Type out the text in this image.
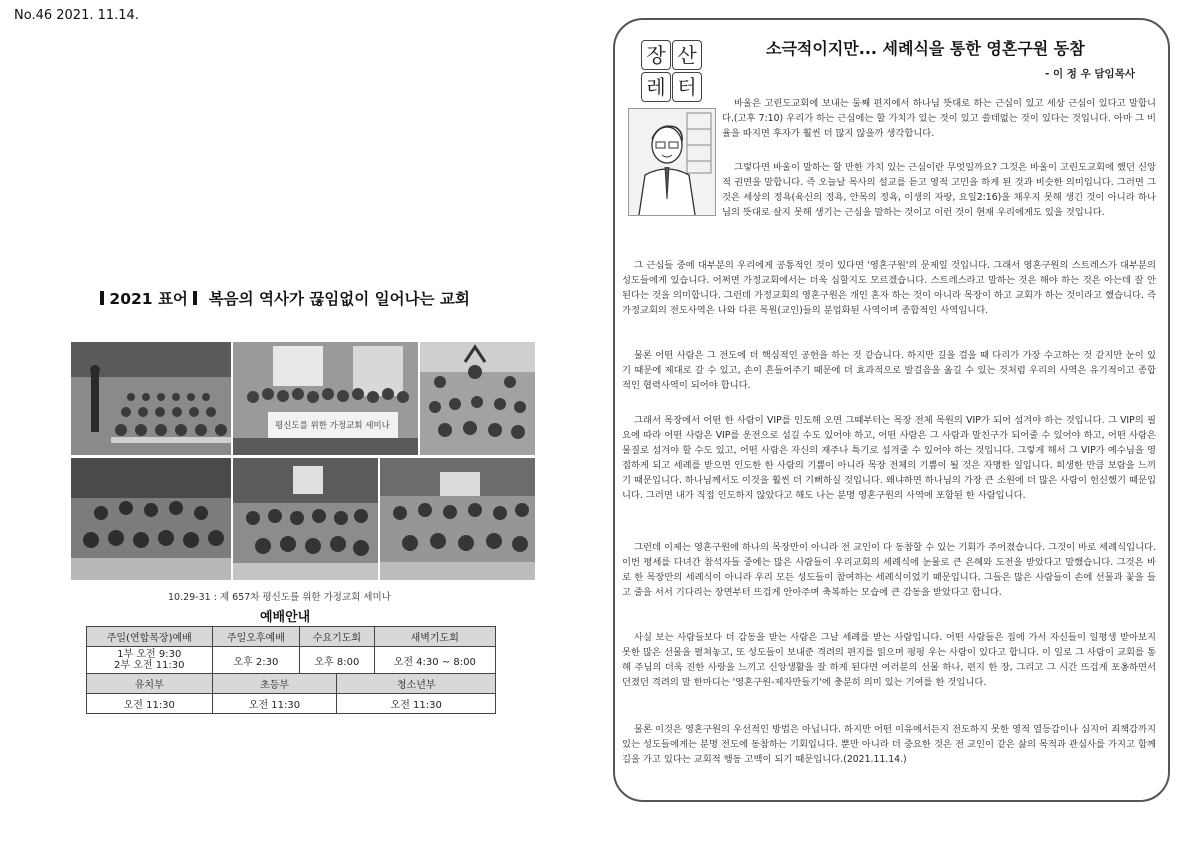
No.46 2021. 11.14.
2021 표어 복음의 역사가 끊임없이 일어나는 교회
평신도를 위한 가정교회 세미나
10.29-31 : 제 657차 평신도를 위한 가정교회 세미나
예배안내
주일(연합목장)예배	주일오후예배	수요기도회		새벽기도회

1부 오전 9:30
2부 오전 11:30	오후 2:30	오후 8:00		오전 4:30 ~ 8:00
유치부	초등부		청소년부	
오전 11:30	오전 11:30		오전 11:30	
장 산
레 터
소극적이지만... 세례식을 통한 영혼구원 동참
- 이 정 우 담임목사
바울은 고린도교회에 보내는 둘째 편지에서 하나님 뜻대로 하는 근심이 있고 세상 근심이 있다고 말합니다.(고후 7:10) 우리가 하는 근심에는 할 가치가 있는 것이 있고 쓸데없는 것이 있다는 것입니다. 아마 그 비율을 따지면 후자가 훨씬 더 많지 않을까 생각합니다.
그렇다면 바울이 말하는 할 만한 가치 있는 근심이란 무엇일까요? 그것은 바울이 고린도교회에 했던 신앙적 권면을 말합니다. 즉 오늘날 목사의 설교를 듣고 영적 고민을 하게 된 것과 비슷한 의미입니다. 그러면 그것은 세상의 정욕(육신의 정욕, 안목의 정욕, 이생의 자랑, 요일2:16)을 채우지 못해 생긴 것이 아니라 하나님의 뜻대로 살지 못해 생기는 근심을 말하는 것이고 이런 것이 현재 우리에게도 있을 것입니다.
그 근심들 중에 대부분의 우리에게 공통적인 것이 있다면 '영혼구원'의 문제일 것입니다. 그래서 영혼구원의 스트레스가 대부분의 성도들에게 있습니다. 어쩌면 가정교회에서는 더욱 심할지도 모르겠습니다. 스트레스라고 말하는 것은 해야 하는 것은 아는데 잘 안 된다는 것을 의미합니다. 그런데 가정교회의 영혼구원은 개인 혼자 하는 것이 아니라 목장이 하고 교회가 하는 것이라고 했습니다. 즉 가정교회의 전도사역은 나와 다른 목원(교인)들의 분업화된 사역이며 종합적인 사역입니다.
물론 어떤 사람은 그 전도에 더 핵심적인 공헌을 하는 것 같습니다. 하지만 길을 걸을 때 다리가 가장 수고하는 것 같지만 눈이 있기 때문에 제대로 갈 수 있고, 손이 흔들어주기 때문에 더 효과적으로 발걸음을 옮길 수 있는 것처럼 우리의 사역은 유기적이고 종합적인 협력사역이 되어야 합니다.
그래서 목장에서 어떤 한 사람이 VIP를 인도해 오면 그때부터는 목장 전체 목원의 VIP가 되어 섬겨야 하는 것입니다. 그 VIP의 필요에 따라 어떤 사람은 VIP를 운전으로 섬길 수도 있어야 하고, 어떤 사람은 그 사람과 말친구가 되어줄 수 있어야 하고, 어떤 사람은 물질로 섬겨야 할 수도 있고, 어떤 사람은 자신의 재주나 특기로 섬겨줄 수 있어야 하는 것입니다. 그렇게 해서 그 VIP가 예수님을 영접하게 되고 세례를 받으면 인도한 한 사람의 기쁨이 아니라 목장 전체의 기쁨이 될 것은 자명한 일입니다. 희생한 만큼 보람을 느끼기 때문입니다. 하나님께서도 이것을 훨씬 더 기뻐하실 것입니다. 왜냐하면 하나님의 가장 큰 소원에 더 많은 사람이 헌신했기 때문입니다. 그러면 내가 직접 인도하지 않았다고 해도 나는 분명 영혼구원의 사역에 포함된 한 사람입니다.
그런데 이제는 영혼구원에 하나의 목장만이 아니라 전 교인이 다 동참할 수 있는 기회가 주어졌습니다. 그것이 바로 세례식입니다. 이번 평세를 다녀간 참석자들 중에는 많은 사람들이 우리교회의 세례식에 눈물로 큰 은혜와 도전을 받았다고 말했습니다. 그것은 바로 한 목장만의 세례식이 아니라 우리 모든 성도들이 참여하는 세례식이었기 때문입니다. 그들은 많은 사람들이 손에 선물과 꽃을 들고 줄을 서서 기다리는 장면부터 뜨겁게 안아주며 축복하는 모습에 큰 감동을 받았다고 합니다.
사실 보는 사람들보다 더 감동을 받는 사람은 그날 세례를 받는 사람입니다. 어떤 사람들은 집에 가서 자신들이 일평생 받아보지 못한 많은 선물을 펼쳐놓고, 또 성도들이 보내준 격려의 편지를 읽으며 펑펑 우는 사람이 있다고 합니다. 이 일로 그 사람이 교회를 통해 주님의 더욱 진한 사랑을 느끼고 신앙생활을 잘 하게 된다면 여러분의 선물 하나, 편지 한 장, 그리고 그 시간 뜨겁게 포옹하면서 던졌던 격려의 말 한마디는 '영혼구원-제자만들기'에 충분히 의미 있는 기여를 한 것입니다.
물론 이것은 영혼구원의 우선적인 방법은 아닙니다. 하지만 어떤 이유에서든지 전도하지 못한 영적 열등감이나 심지어 죄책감까지 있는 성도들에게는 분명 전도에 동참하는 기회입니다. 뿐만 아니라 더 중요한 것은 전 교인이 같은 삶의 목적과 관심사를 가지고 함께 길을 가고 있다는 교회적 행동 고백이 되기 때문입니다.(2021.11.14.)
